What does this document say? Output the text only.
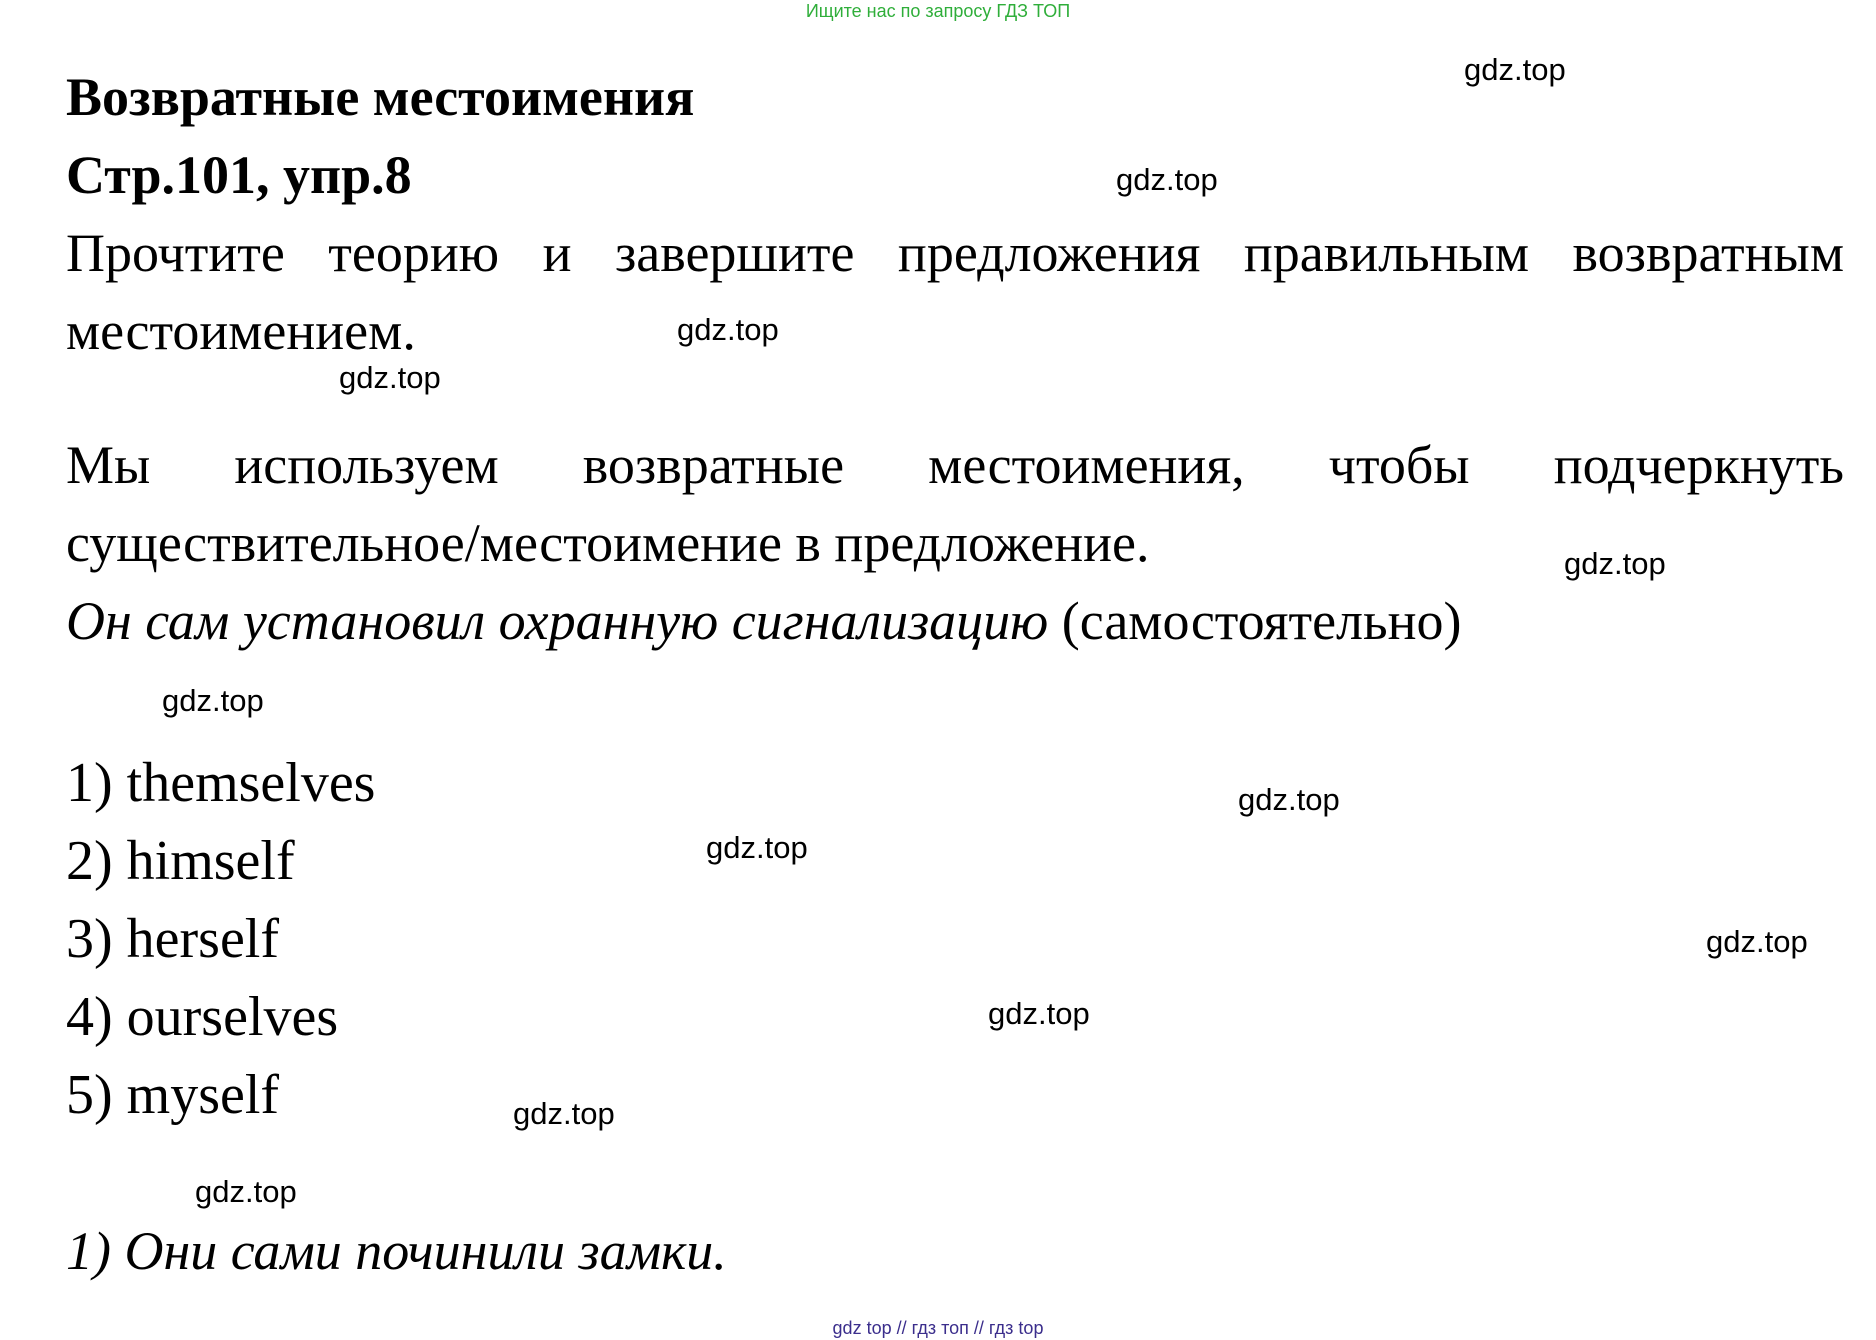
Ищите нас по запросу ГДЗ ТОП
Возвратные местоимения
Стр.101, упр.8

Прочтите теорию и завершите предложения правильным возвратным местоимением.

Мы используем возвратные местоимения, чтобы подчеркнуть существительное/местоимение в предложение.

Он сам установил охранную сигнализацию (самостоятельно)

1) themselves
2) himself
3) herself
4) ourselves
5) myself

1) Они сами починили замки.

gdz.top
gdz.top
gdz.top
gdz.top
gdz.top
gdz.top
gdz.top
gdz.top
gdz.top
gdz.top
gdz.top
gdz.top
gdz top // гдз топ // гдз top
